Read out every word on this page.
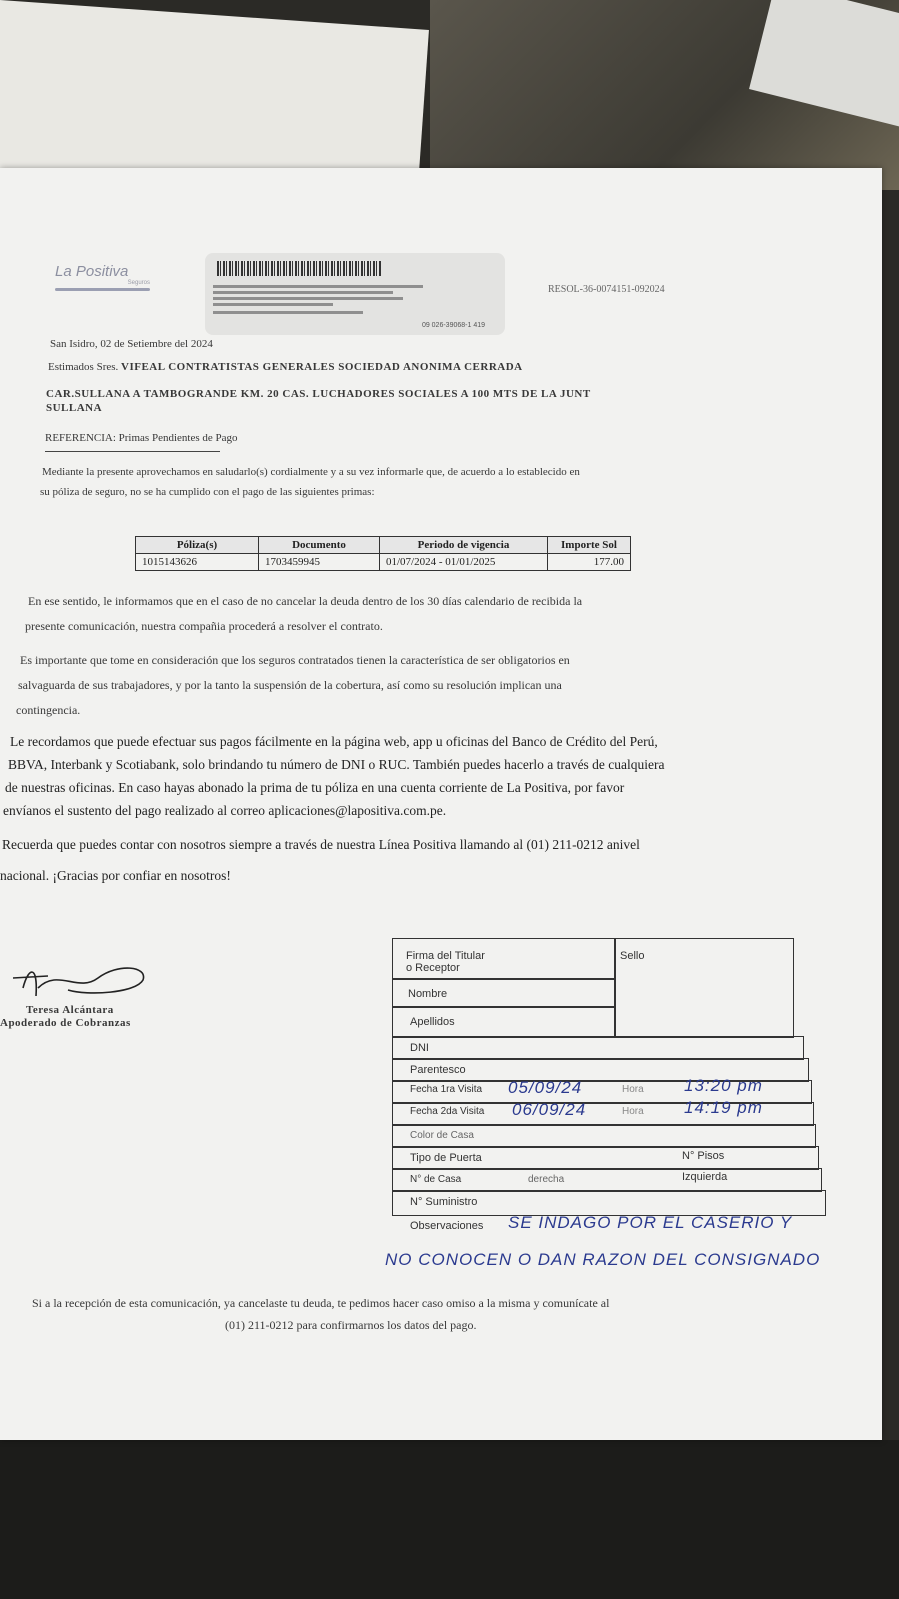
La Positiva
Seguros
09 026-39068-1 419
RESOL-36-0074151-092024
San Isidro, 02 de Setiembre del 2024
Estimados Sres. VIFEAL CONTRATISTAS GENERALES SOCIEDAD ANONIMA CERRADA
CAR.SULLANA A TAMBOGRANDE KM. 20 CAS. LUCHADORES SOCIALES A 100 MTS DE LA JUNT
SULLANA
REFERENCIA: Primas Pendientes de Pago
Mediante la presente aprovechamos en saludarlo(s) cordialmente y a su vez informarle que, de acuerdo a lo establecido en
su póliza de seguro, no se ha cumplido con el pago de las siguientes primas:
Póliza(s)	Documento	Periodo de vigencia	Importe Sol
1015143626	1703459945	01/07/2024 - 01/01/2025	177.00
En ese sentido, le informamos que en el caso de no cancelar la deuda dentro de los 30 días calendario de recibida la
presente comunicación, nuestra compañia procederá a resolver el contrato.
Es importante que tome en consideración que los seguros contratados tienen la característica de ser obligatorios en
salvaguarda de sus trabajadores, y por la tanto la suspensión de la cobertura, así como su resolución implican una
contingencia.
Le recordamos que puede efectuar sus pagos fácilmente en la página web, app u oficinas del Banco de Crédito del Perú,
BBVA, Interbank y Scotiabank, solo brindando tu número de DNI o RUC. También puedes hacerlo a través de cualquiera
de nuestras oficinas. En caso hayas abonado la prima de tu póliza en una cuenta corriente de La Positiva, por favor
envíanos el sustento del pago realizado al correo aplicaciones@lapositiva.com.pe.
Recuerda que puedes contar con nosotros siempre a través de nuestra Línea Positiva llamando al (01) 211-0212 anivel
nacional. ¡Gracias por confiar en nosotros!
Teresa Alcántara
Apoderado de Cobranzas
Firma del Titular
o Receptor
Sello
Nombre
Apellidos
DNI
Parentesco
Fecha 1ra Visita 05/09/24	Hora 13:20 pm
Fecha 2da Visita 06/09/24	Hora 14:19 pm
Color de Casa
Tipo de Puerta	N° Pisos
N° de Casa	derecha	Izquierda
N° Suministro
Observaciones SE INDAGO POR EL CASERIO Y
NO CONOCEN O DAN RAZON DEL CONSIGNADO
Si a la recepción de esta comunicación, ya cancelaste tu deuda, te pedimos hacer caso omiso a la misma y comunícate al
(01) 211-0212 para confirmarnos los datos del pago.
